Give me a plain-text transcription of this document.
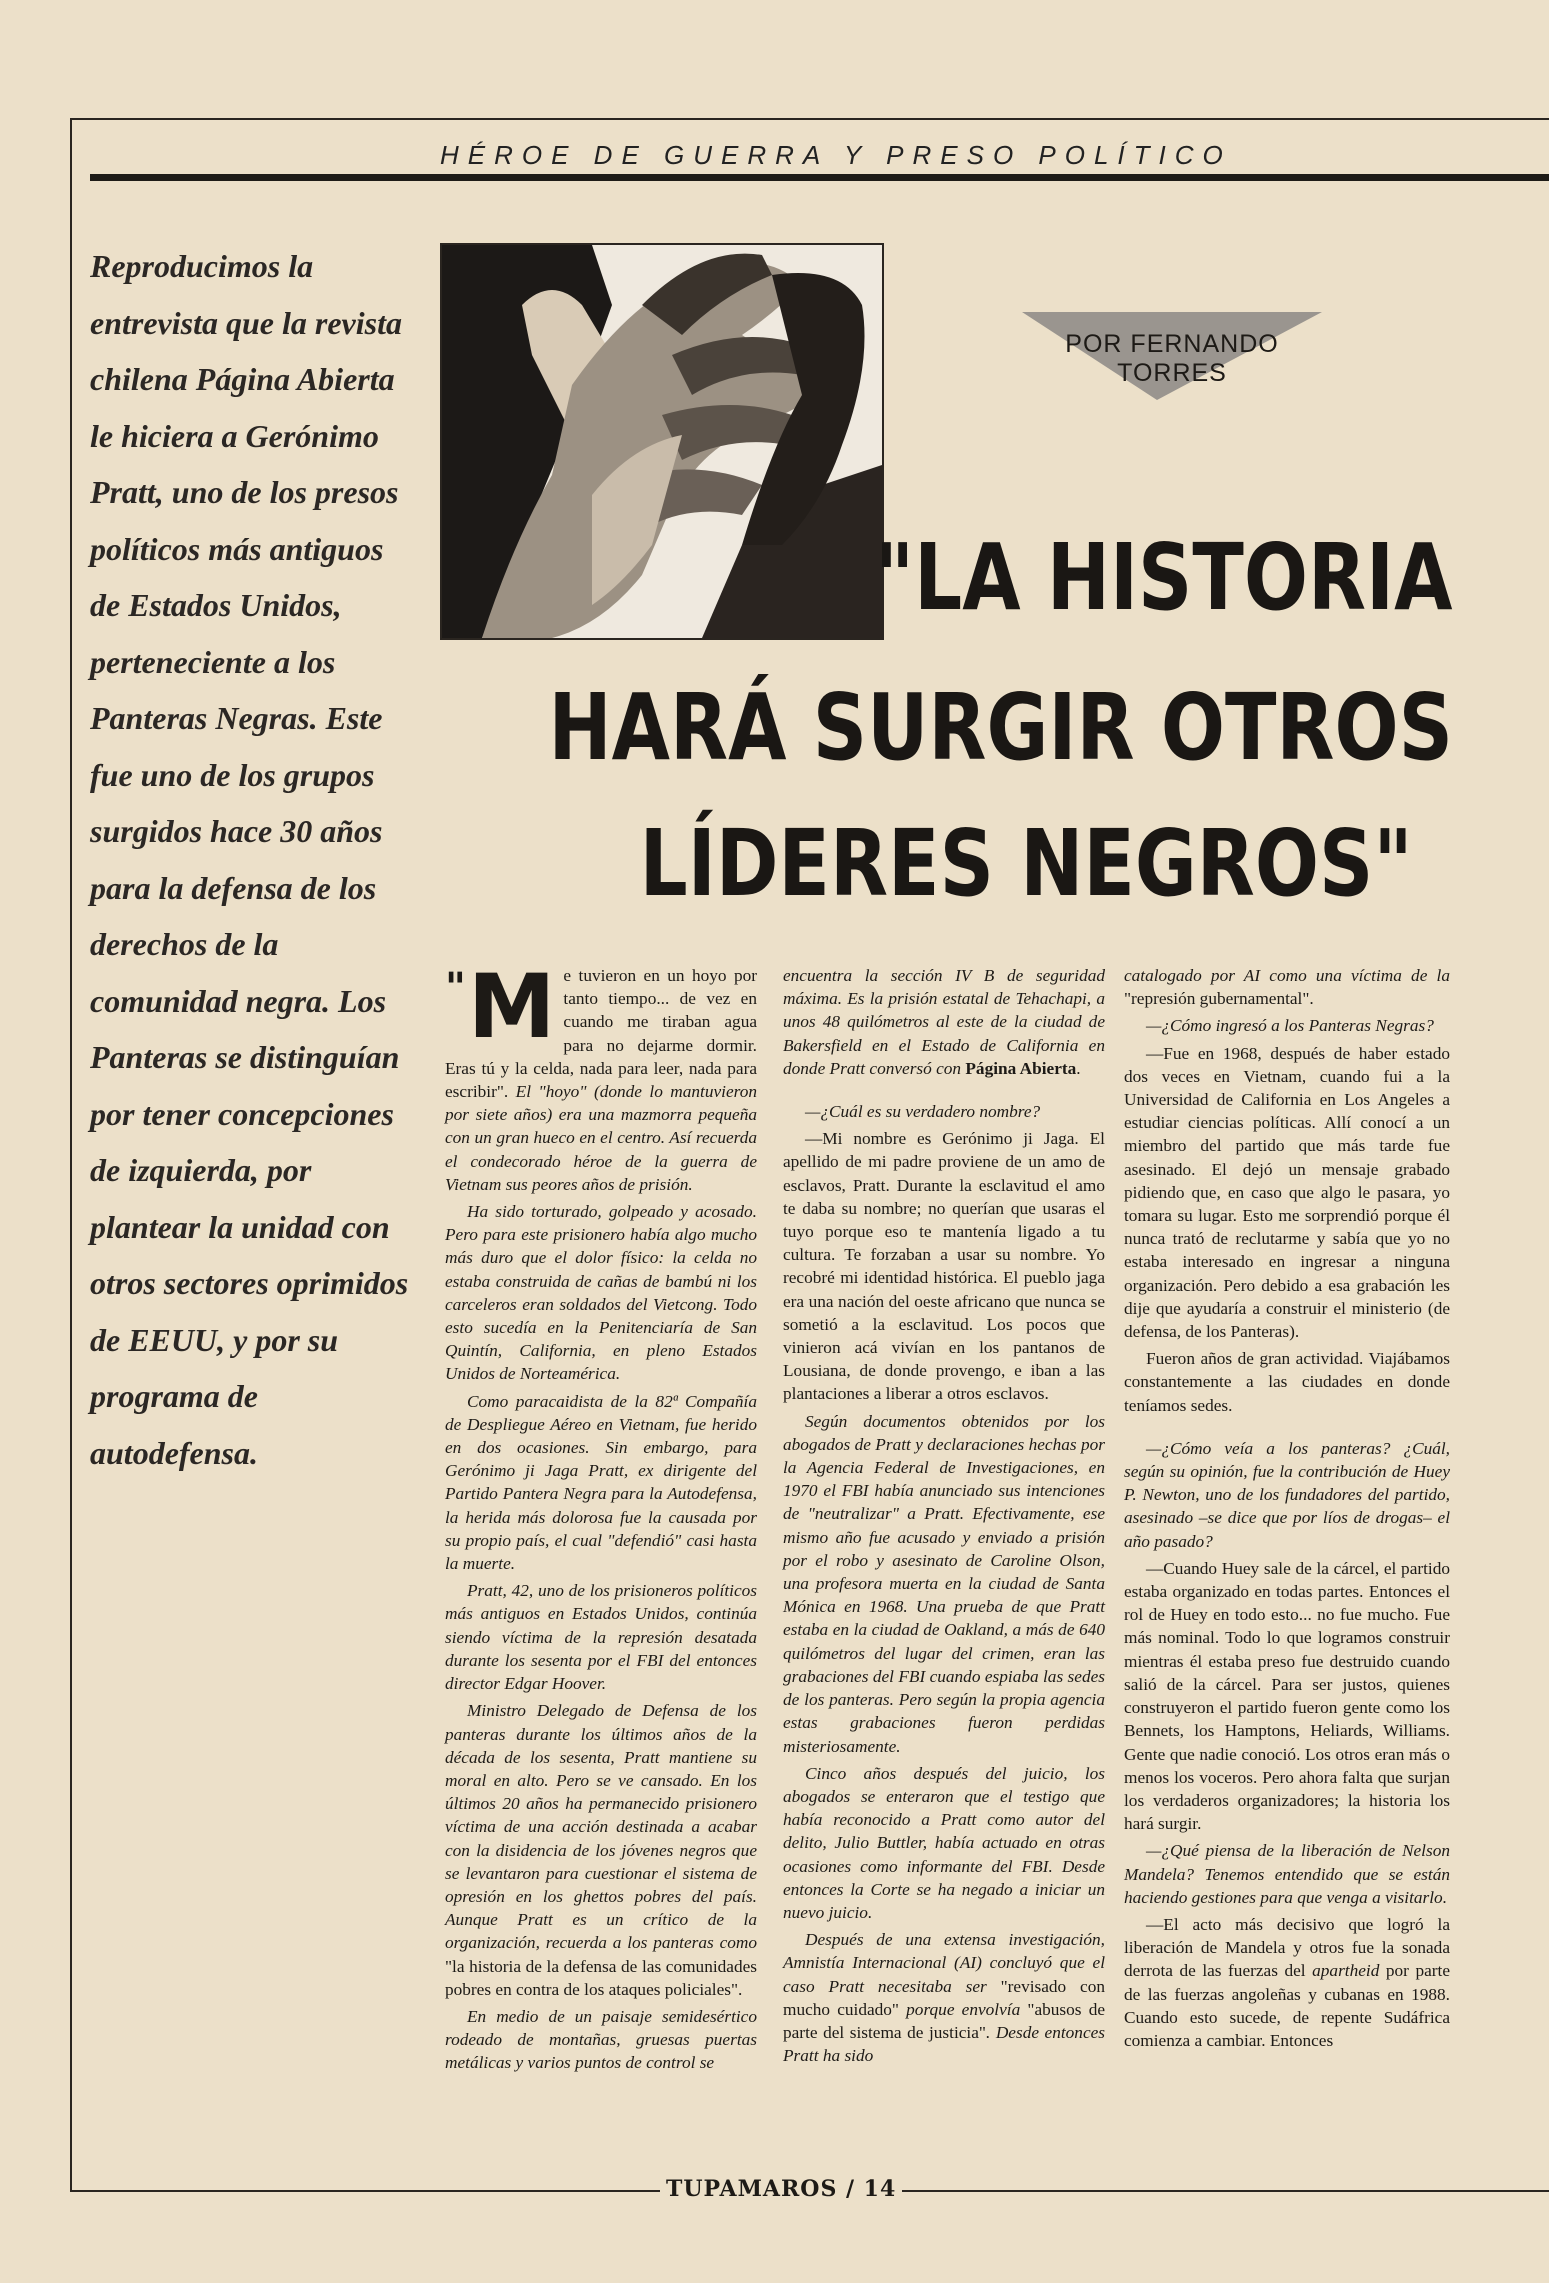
HÉROE DE GUERRA Y PRESO POLÍTICO
Reproducimos la entrevista que la revista chilena Página Abierta le hiciera a Gerónimo Pratt, uno de los presos políticos más antiguos de Estados Unidos, perteneciente a los Panteras Negras. Este fue uno de los grupos surgidos hace 30 años para la defensa de los derechos de la comunidad negra. Los Panteras se distinguían por tener concepciones de izquierda, por plantear la unidad con otros sectores oprimidos de EEUU, y por su programa de autodefensa.
POR FERNANDO TORRES
"LA HISTORIA
HARÁ SURGIR OTROS
LÍDERES NEGROS"

" M e tuvieron en un hoyo por tanto tiempo... de vez en cuando me tiraban agua para no dejarme dormir. Eras tú y la celda, nada para leer, nada para escribir". El "hoyo" (donde lo mantuvieron por siete años) era una mazmorra pequeña con un gran hueco en el centro. Así recuerda el condecorado héroe de la guerra de Vietnam sus peores años de prisión.

Ha sido torturado, golpeado y acosado. Pero para este prisionero había algo mucho más duro que el dolor físico: la celda no estaba construida de cañas de bambú ni los carceleros eran soldados del Vietcong. Todo esto sucedía en la Penitenciaría de San Quintín, California, en pleno Estados Unidos de Norteamérica.

Como paracaidista de la 82ª Compañía de Despliegue Aéreo en Vietnam, fue herido en dos ocasiones. Sin embargo, para Gerónimo ji Jaga Pratt, ex dirigente del Partido Pantera Negra para la Autodefensa, la herida más dolorosa fue la causada por su propio país, el cual "defendió" casi hasta la muerte.

Pratt, 42, uno de los prisioneros políticos más antiguos en Estados Unidos, continúa siendo víctima de la represión desatada durante los sesenta por el FBI del entonces director Edgar Hoover.

Ministro Delegado de Defensa de los panteras durante los últimos años de la década de los sesenta, Pratt mantiene su moral en alto. Pero se ve cansado. En los últimos 20 años ha permanecido prisionero víctima de una acción destinada a acabar con la disidencia de los jóvenes negros que se levantaron para cuestionar el sistema de opresión en los ghettos pobres del país. Aunque Pratt es un crítico de la organización, recuerda a los panteras como "la historia de la defensa de las comunidades pobres en contra de los ataques policiales".

En medio de un paisaje semidesértico rodeado de montañas, gruesas puertas metálicas y varios puntos de control se

encuentra la sección IV B de seguridad máxima. Es la prisión estatal de Tehachapi, a unos 48 quilómetros al este de la ciudad de Bakersfield en el Estado de California en donde Pratt conversó con Página Abierta.

—¿Cuál es su verdadero nombre?

—Mi nombre es Gerónimo ji Jaga. El apellido de mi padre proviene de un amo de esclavos, Pratt. Durante la esclavitud el amo te daba su nombre; no querían que usaras el tuyo porque eso te mantenía ligado a tu cultura. Te forzaban a usar su nombre. Yo recobré mi identidad histórica. El pueblo jaga era una nación del oeste africano que nunca se sometió a la esclavitud. Los pocos que vinieron acá vivían en los pantanos de Lousiana, de donde provengo, e iban a las plantaciones a liberar a otros esclavos.

Según documentos obtenidos por los abogados de Pratt y declaraciones hechas por la Agencia Federal de Investigaciones, en 1970 el FBI había anunciado sus intenciones de "neutralizar" a Pratt. Efectivamente, ese mismo año fue acusado y enviado a prisión por el robo y asesinato de Caroline Olson, una profesora muerta en la ciudad de Santa Mónica en 1968. Una prueba de que Pratt estaba en la ciudad de Oakland, a más de 640 quilómetros del lugar del crimen, eran las grabaciones del FBI cuando espiaba las sedes de los panteras. Pero según la propia agencia estas grabaciones fueron perdidas misteriosamente.

Cinco años después del juicio, los abogados se enteraron que el testigo que había reconocido a Pratt como autor del delito, Julio Buttler, había actuado en otras ocasiones como informante del FBI. Desde entonces la Corte se ha negado a iniciar un nuevo juicio.

Después de una extensa investigación, Amnistía Internacional (AI) concluyó que el caso Pratt necesitaba ser "revisado con mucho cuidado" porque envolvía "abusos de parte del sistema de justicia". Desde entonces Pratt ha sido

catalogado por AI como una víctima de la "represión gubernamental".

—¿Cómo ingresó a los Panteras Negras?

—Fue en 1968, después de haber estado dos veces en Vietnam, cuando fui a la Universidad de California en Los Angeles a estudiar ciencias políticas. Allí conocí a un miembro del partido que más tarde fue asesinado. El dejó un mensaje grabado pidiendo que, en caso que algo le pasara, yo tomara su lugar. Esto me sorprendió porque él nunca trató de reclutarme y sabía que yo no estaba interesado en ingresar a ninguna organización. Pero debido a esa grabación les dije que ayudaría a construir el ministerio (de defensa, de los Panteras).

Fueron años de gran actividad. Viajábamos constantemente a las ciudades en donde teníamos sedes.

—¿Cómo veía a los panteras? ¿Cuál, según su opinión, fue la contribución de Huey P. Newton, uno de los fundadores del partido, asesinado –se dice que por líos de drogas– el año pasado?

—Cuando Huey sale de la cárcel, el partido estaba organizado en todas partes. Entonces el rol de Huey en todo esto... no fue mucho. Fue más nominal. Todo lo que logramos construir mientras él estaba preso fue destruido cuando salió de la cárcel. Para ser justos, quienes construyeron el partido fueron gente como los Bennets, los Hamptons, Heliards, Williams. Gente que nadie conoció. Los otros eran más o menos los voceros. Pero ahora falta que surjan los verdaderos organizadores; la historia los hará surgir.

—¿Qué piensa de la liberación de Nelson Mandela? Tenemos entendido que se están haciendo gestiones para que venga a visitarlo.

—El acto más decisivo que logró la liberación de Mandela y otros fue la sonada derrota de las fuerzas del apartheid por parte de las fuerzas angoleñas y cubanas en 1988. Cuando esto sucede, de repente Sudáfrica comienza a cambiar. Entonces

TUPAMAROS / 14
